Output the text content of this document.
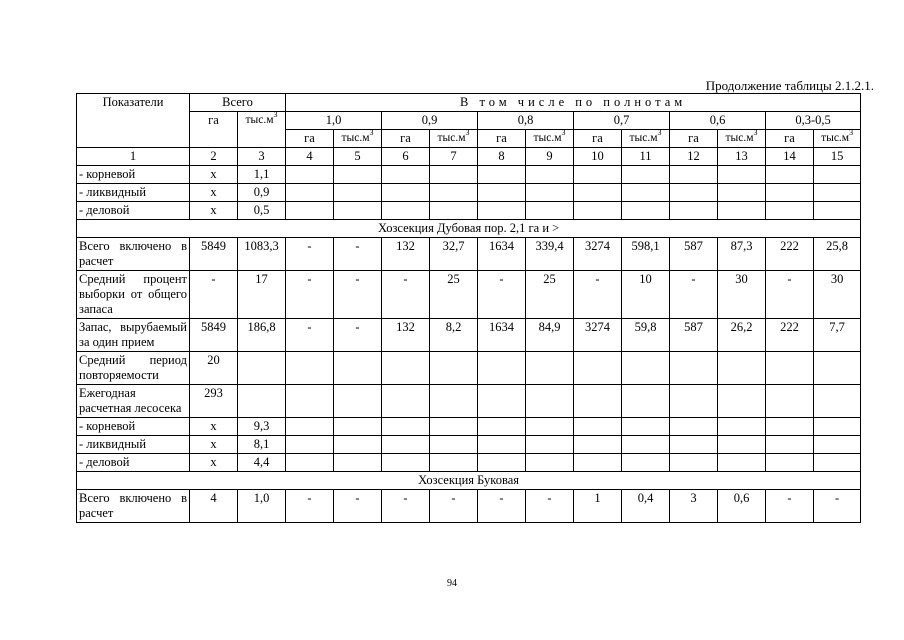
Продолжение таблицы 2.1.2.1.
Показатели	Всего		В том числе по полнотам											
	га	$тыс.м^3$	1,0		0,9		0,8		0,7		0,6		0,3-0,5	
			га	$тыс.м^3$	га	$тыс.м^3$	га	$тыс.м^3$	га	$тыс.м^3$	га	$тыс.м^3$	га	$тыс.м^3$
1	2	3	4	5	6	7	8	9	10	11	12	13	14	15
- корневой	х	1,1												
- ликвидный	х	0,9												
- деловой	х	0,5												
Хозсекция Дубовая пор. 2,1 га и >														
Всего включено в расчет	5849	1083,3	-	-	132	32,7	1634	339,4	3274	598,1	587	87,3	222	25,8
Средний процент выборки от общего запаса	-	17	-	-	-	25	-	25	-	10	-	30	-	30
Запас, вырубаемый за один прием	5849	186,8	-	-	132	8,2	1634	84,9	3274	59,8	587	26,2	222	7,7
Средний период повторяемости	20													
Ежегодная расчетная лесосека	293													
- корневой	х	9,3												
- ликвидный	х	8,1												
- деловой	х	4,4												
Хозсекция Буковая														
Всего включено в расчет	4	1,0	-	-	-	-	-	-	1	0,4	3	0,6	-	-
94
